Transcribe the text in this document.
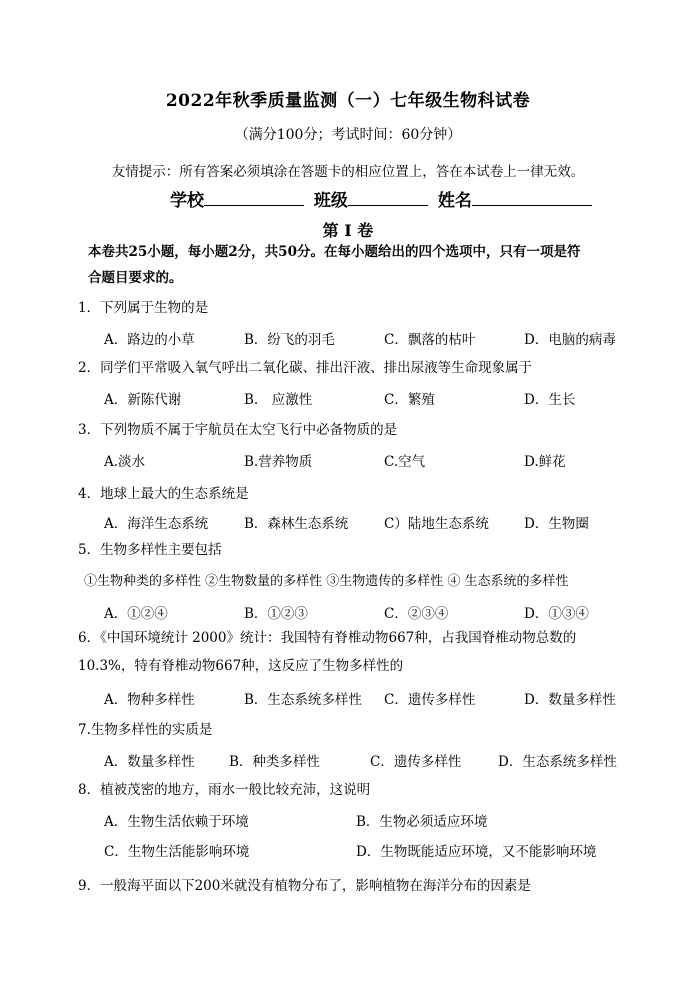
2022年秋季质量监测（一）七年级生物科试卷
（满分100分；考试时间：60分钟）
友情提示：所有答案必须填涂在答题卡的相应位置上，答在本试卷上一律无效。
学校	班级	姓名
第 I 卷
本卷共25小题，每小题2分，共50分。在每小题给出的四个选项中，只有一项是符
合题目要求的。
1．下列属于生物的是
A．路边的小草	B．纷飞的羽毛	C．飘落的枯叶	D．电脑的病毒
2．同学们平常吸入氧气呼出二氧化碳、排出汗液、排出尿液等生命现象属于
A．新陈代谢	B.　应激性	C．繁殖	D．生长
3．下列物质不属于宇航员在太空飞行中必备物质的是
A.淡水	B.营养物质	C.空气	D.鲜花
4．地球上最大的生态系统是
A．海洋生态系统	B．森林生态系统	C）陆地生态系统	D．生物圈
5．生物多样性主要包括
①生物种类的多样性 ②生物数量的多样性 ③生物遗传的多样性 ④ 生态系统的多样性
A．①②④	B．①②③	C．②③④	D．①③④
6．《中国环境统计 2000》统计：我国特有脊椎动物667种，占我国脊椎动物总数的
10.3%，特有脊椎动物667种，这反应了生物多样性的
A．物种多样性	B．生态系统多样性 C．遗传多样性	D．数量多样性
7.生物多样性的实质是
A．数量多样性	B．种类多样性	C．遗传多样性	D．生态系统多样性
8．植被茂密的地方，雨水一般比较充沛，这说明
A．生物生活依赖于环境	B．生物必须适应环境
C．生物生活能影响环境	D．生物既能适应环境，又不能影响环境
9．一般海平面以下200米就没有植物分布了，影响植物在海洋分布的因素是
